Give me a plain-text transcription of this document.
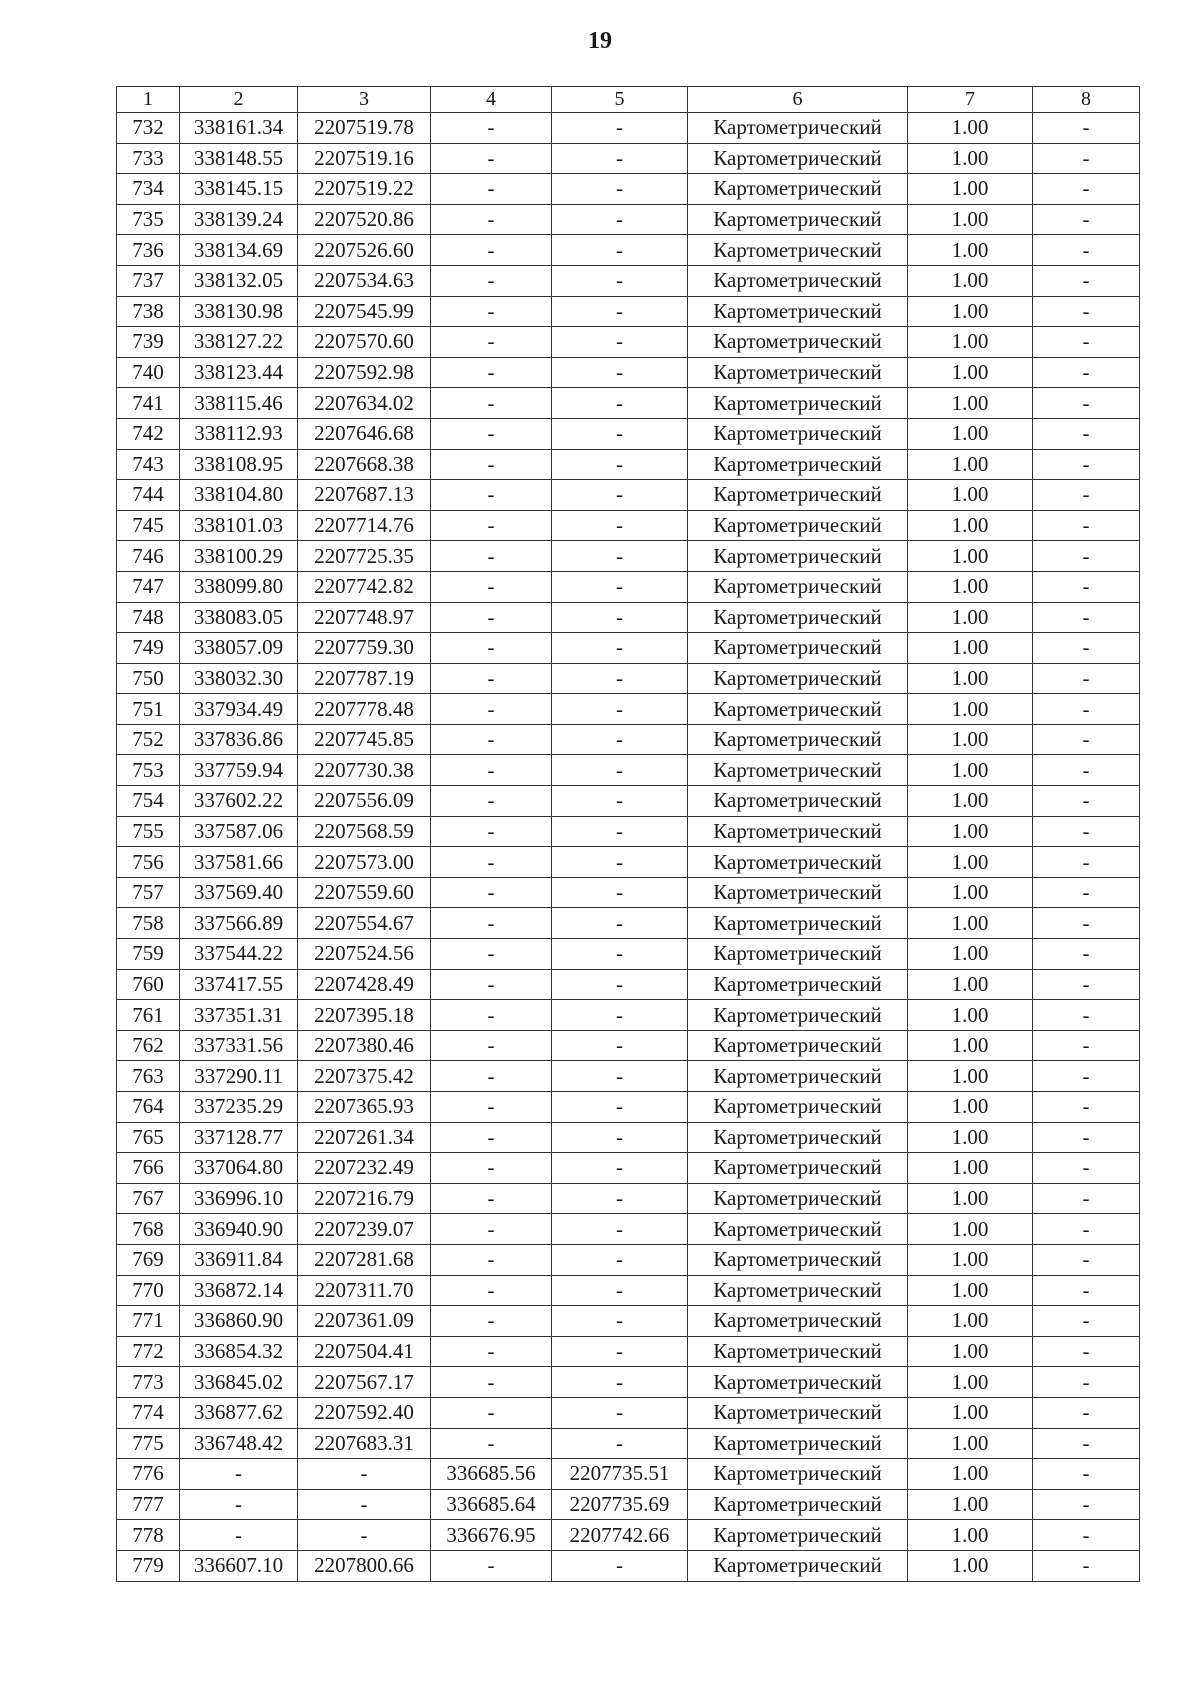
19
1	2	3	4	5	6	7	8
732	338161.34	2207519.78	-	-	Картометрический	1.00	-
733	338148.55	2207519.16	-	-	Картометрический	1.00	-
734	338145.15	2207519.22	-	-	Картометрический	1.00	-
735	338139.24	2207520.86	-	-	Картометрический	1.00	-
736	338134.69	2207526.60	-	-	Картометрический	1.00	-
737	338132.05	2207534.63	-	-	Картометрический	1.00	-
738	338130.98	2207545.99	-	-	Картометрический	1.00	-
739	338127.22	2207570.60	-	-	Картометрический	1.00	-
740	338123.44	2207592.98	-	-	Картометрический	1.00	-
741	338115.46	2207634.02	-	-	Картометрический	1.00	-
742	338112.93	2207646.68	-	-	Картометрический	1.00	-
743	338108.95	2207668.38	-	-	Картометрический	1.00	-
744	338104.80	2207687.13	-	-	Картометрический	1.00	-
745	338101.03	2207714.76	-	-	Картометрический	1.00	-
746	338100.29	2207725.35	-	-	Картометрический	1.00	-
747	338099.80	2207742.82	-	-	Картометрический	1.00	-
748	338083.05	2207748.97	-	-	Картометрический	1.00	-
749	338057.09	2207759.30	-	-	Картометрический	1.00	-
750	338032.30	2207787.19	-	-	Картометрический	1.00	-
751	337934.49	2207778.48	-	-	Картометрический	1.00	-
752	337836.86	2207745.85	-	-	Картометрический	1.00	-
753	337759.94	2207730.38	-	-	Картометрический	1.00	-
754	337602.22	2207556.09	-	-	Картометрический	1.00	-
755	337587.06	2207568.59	-	-	Картометрический	1.00	-
756	337581.66	2207573.00	-	-	Картометрический	1.00	-
757	337569.40	2207559.60	-	-	Картометрический	1.00	-
758	337566.89	2207554.67	-	-	Картометрический	1.00	-
759	337544.22	2207524.56	-	-	Картометрический	1.00	-
760	337417.55	2207428.49	-	-	Картометрический	1.00	-
761	337351.31	2207395.18	-	-	Картометрический	1.00	-
762	337331.56	2207380.46	-	-	Картометрический	1.00	-
763	337290.11	2207375.42	-	-	Картометрический	1.00	-
764	337235.29	2207365.93	-	-	Картометрический	1.00	-
765	337128.77	2207261.34	-	-	Картометрический	1.00	-
766	337064.80	2207232.49	-	-	Картометрический	1.00	-
767	336996.10	2207216.79	-	-	Картометрический	1.00	-
768	336940.90	2207239.07	-	-	Картометрический	1.00	-
769	336911.84	2207281.68	-	-	Картометрический	1.00	-
770	336872.14	2207311.70	-	-	Картометрический	1.00	-
771	336860.90	2207361.09	-	-	Картометрический	1.00	-
772	336854.32	2207504.41	-	-	Картометрический	1.00	-
773	336845.02	2207567.17	-	-	Картометрический	1.00	-
774	336877.62	2207592.40	-	-	Картометрический	1.00	-
775	336748.42	2207683.31	-	-	Картометрический	1.00	-
776	-	-	336685.56	2207735.51	Картометрический	1.00	-
777	-	-	336685.64	2207735.69	Картометрический	1.00	-
778	-	-	336676.95	2207742.66	Картометрический	1.00	-
779	336607.10	2207800.66	-	-	Картометрический	1.00	-
